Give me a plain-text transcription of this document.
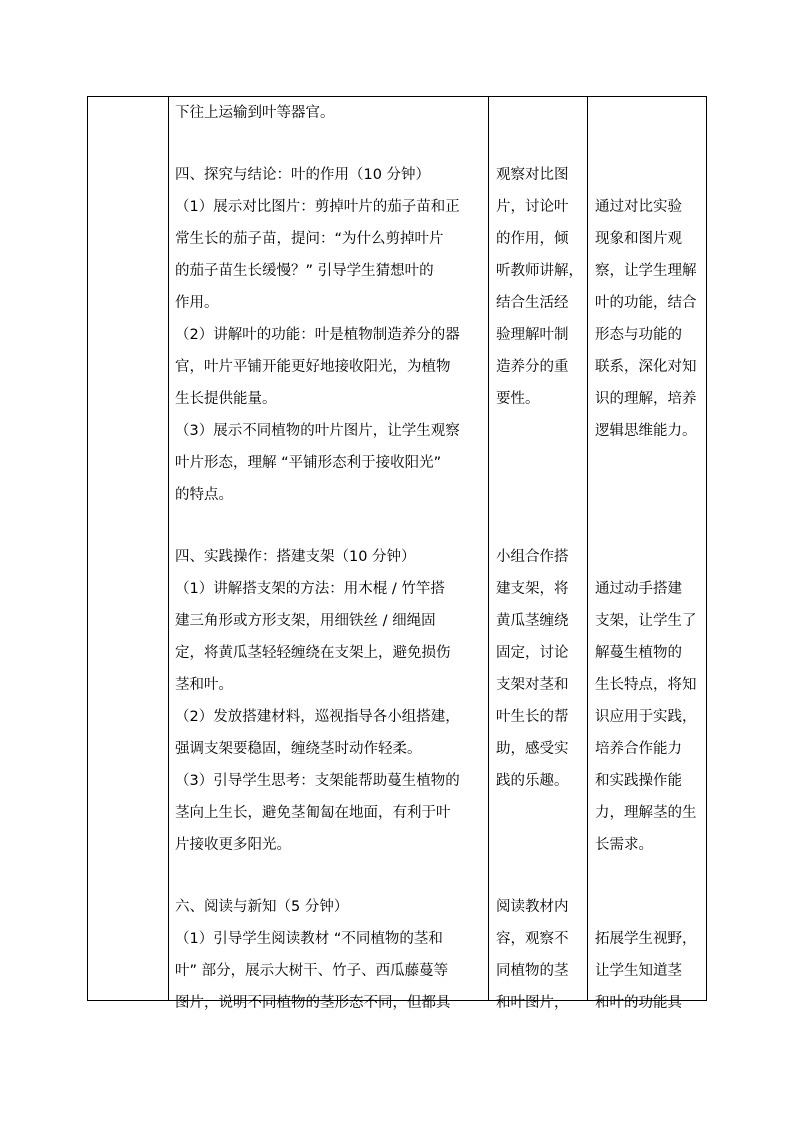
下往上运输到叶等器官。
四、探究与结论：叶的作用（10 分钟）
（1）展示对比图片：剪掉叶片的茄子苗和正
常生长的茄子苗，提问：“为什么剪掉叶片
的茄子苗生长缓慢？” 引导学生猜想叶的
作用。
（2）讲解叶的功能：叶是植物制造养分的器
官，叶片平铺开能更好地接收阳光，为植物
生长提供能量。
（3）展示不同植物的叶片图片，让学生观察
叶片形态，理解 “平铺形态利于接收阳光”
的特点。
四、实践操作：搭建支架（10 分钟）
（1）讲解搭支架的方法：用木棍 / 竹竿搭
建三角形或方形支架，用细铁丝 / 细绳固
定，将黄瓜茎轻轻缠绕在支架上，避免损伤
茎和叶。
（2）发放搭建材料，巡视指导各小组搭建，
强调支架要稳固，缠绕茎时动作轻柔。
（3）引导学生思考：支架能帮助蔓生植物的
茎向上生长，避免茎匍匐在地面，有利于叶
片接收更多阳光。
六、阅读与新知（5 分钟）
（1）引导学生阅读教材 “不同植物的茎和
叶” 部分，展示大树干、竹子、西瓜藤蔓等
图片，说明不同植物的茎形态不同，但都具
观察对比图
片，讨论叶
的作用，倾
听教师讲解，
结合生活经
验理解叶制
造养分的重
要性。
小组合作搭
建支架，将
黄瓜茎缠绕
固定，讨论
支架对茎和
叶生长的帮
助，感受实
践的乐趣。
阅读教材内
容，观察不
同植物的茎
和叶图片，
通过对比实验
现象和图片观
察，让学生理解
叶的功能，结合
形态与功能的
联系，深化对知
识的理解，培养
逻辑思维能力。
通过动手搭建
支架，让学生了
解蔓生植物的
生长特点，将知
识应用于实践，
培养合作能力
和实践操作能
力，理解茎的生
长需求。
拓展学生视野，
让学生知道茎
和叶的功能具
